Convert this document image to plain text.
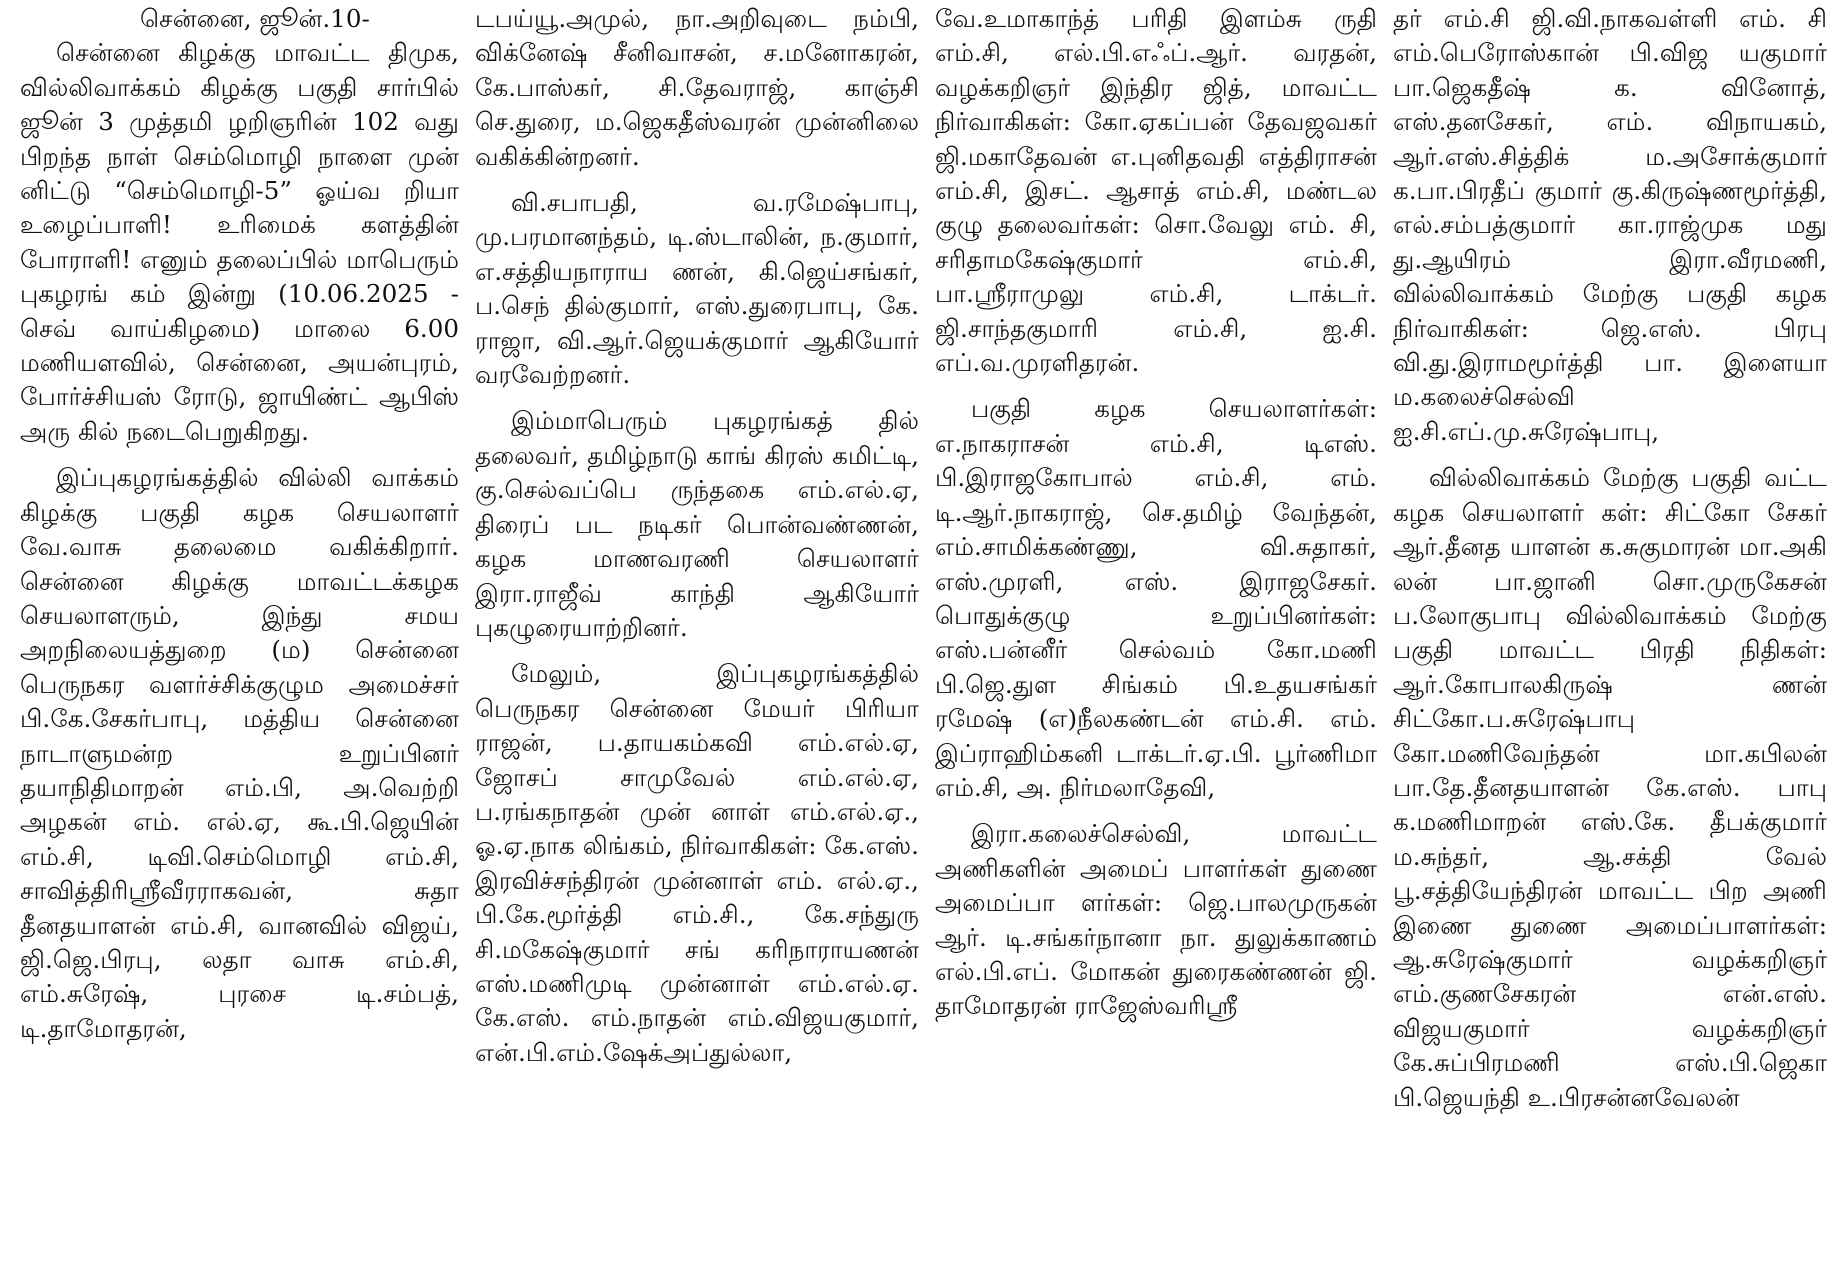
சென்னை, ஜூன்.10-

சென்னை கிழக்கு மாவட்ட திமுக, வில்லிவாக்கம் கிழக்கு பகுதி சார்பில் ஜூன் 3 முத்தமி ழறிஞரின் 102 வது பிறந்த நாள் செம்மொழி நாளை முன் னிட்டு “செம்மொழி-5” ஓய்வ றியா உழைப்பாளி! உரிமைக் களத்தின் போராளி! எனும் தலைப்பில் மாபெரும் புகழரங் கம் இன்று (10.06.2025 - செவ் வாய்கிழமை) மாலை 6.00 மணியளவில், சென்னை, அயன்புரம், போர்ச்சியஸ் ரோடு, ஜாயிண்ட் ஆபிஸ் அரு கில் நடைபெறுகிறது.

இப்புகழரங்கத்தில் வில்லி வாக்கம் கிழக்கு பகுதி கழக செயலாளர் வே.வாசு தலைமை வகிக்கிறார். சென்னை கிழக்கு மாவட்டக்கழக செயலாளரும், இந்து சமய அறநிலையத்துறை (ம) சென்னை பெருநகர வளர்ச்சிக்குழும அமைச்சர் பி.கே.சேகர்பாபு, மத்திய சென்னை நாடாளுமன்ற உறுப்பினர் தயாநிதிமாறன் எம்.பி, அ.வெற்றி அழகன் எம். எல்.ஏ, கூ.பி.ஜெயின் எம்.சி, டிவி.செம்மொழி எம்.சி, சாவித்திரிஸ்ரீவீரராகவன், சுதா தீனதயாளன் எம்.சி, வானவில் விஜய், ஜி.ஜெ.பிரபு, லதா வாசு எம்.சி, எம்.சுரேஷ், புரசை டி.சம்பத், டி.தாமோதரன்,

டபய்யூ.அமுல், நா.அறிவுடை நம்பி, விக்னேஷ் சீனிவாசன், ச.மனோகரன், கே.பாஸ்கர், சி.தேவராஜ், காஞ்சி செ.துரை, ம.ஜெகதீஸ்வரன் முன்னிலை வகிக்கின்றனர்.

வி.சபாபதி, வ.ரமேஷ்பாபு, மு.பரமானந்தம், டி.ஸ்டாலின், ந.குமார், எ.சத்தியநாராய ணன், கி.ஜெய்சங்கர், ப.செந் தில்குமார், எஸ்.துரைபாபு, கே. ராஜா, வி.ஆர்.ஜெயக்குமார் ஆகியோர் வரவேற்றனர்.

இம்மாபெரும் புகழரங்கத் தில் தலைவர், தமிழ்நாடு காங் கிரஸ் கமிட்டி, கு.செல்வப்பெ ருந்தகை எம்.எல்.ஏ, திரைப் பட நடிகர் பொன்வண்ணன், கழக மாணவரணி செயலாளர் இரா.ராஜீவ் காந்தி ஆகியோர் புகழுரையாற்றினர்.

மேலும், இப்புகழரங்கத்தில் பெருநகர சென்னை மேயர் பிரியா ராஜன், ப.தாயகம்கவி எம்.எல்.ஏ, ஜோசப் சாமுவேல் எம்.எல்.ஏ, ப.ரங்கநாதன் முன் னாள் எம்.எல்.ஏ., ஓ.ஏ.நாக லிங்கம், நிர்வாகிகள்: கே.எஸ். இரவிச்சந்திரன் முன்னாள் எம். எல்.ஏ., பி.கே.மூர்த்தி எம்.சி., கே.சந்துரு சி.மகேஷ்குமார் சங் கரிநாராயணன் எஸ்.மணிமுடி முன்னாள் எம்.எல்.ஏ. கே.எஸ். எம்.நாதன் எம்.விஜயகுமார், என்.பி.எம்.ஷேக்அப்துல்லா,

வே.உமாகாந்த் பரிதி இளம்சு ருதி எம்.சி, எல்.பி.எஃப்.ஆர். வரதன், வழக்கறிஞர் இந்திர ஜித், மாவட்ட நிர்வாகிகள்: கோ.ஏகப்பன் தேவஜவகர் ஜி.மகாதேவன் எ.புனிதவதி எத்திராசன் எம்.சி, இசட். ஆசாத் எம்.சி, மண்டல குழு தலைவர்கள்: சொ.வேலு எம். சி, சரிதாமகேஷ்குமார் எம்.சி, பா.ஸ்ரீராமுலு எம்.சி, டாக்டர். ஜி.சாந்தகுமாரி எம்.சி, ஐ.சி. எப்.வ.முரளிதரன்.

பகுதி கழக செயலாளர்கள்: எ.நாகராசன் எம்.சி, டிஎஸ். பி.இராஜகோபால் எம்.சி, எம். டி.ஆர்.நாகராஜ், செ.தமிழ் வேந்தன், எம்.சாமிக்கண்ணு, வி.சுதாகர், எஸ்.முரளி, எஸ். இராஜசேகர். பொதுக்குழு உறுப்பினர்கள்: எஸ்.பன்னீர் செல்வம் கோ.மணி பி.ஜெ.துள சிங்கம் பி.உதயசங்கர் ரமேஷ் (எ)நீலகண்டன் எம்.சி. எம். இப்ராஹிம்கனி டாக்டர்.ஏ.பி. பூர்ணிமா எம்.சி, அ. நிர்மலாதேவி,

இரா.கலைச்செல்வி, மாவட்ட அணிகளின் அமைப் பாளர்கள் துணை அமைப்பா ளர்கள்: ஜெ.பாலமுருகன் ஆர். டி.சங்கர்நானா நா. துலுக்காணம் எல்.பி.எப். மோகன் துரைகண்ணன் ஜி. தாமோதரன் ராஜேஸ்வரிஸ்ரீ

தர் எம்.சி ஜி.வி.நாகவள்ளி எம். சி எம்.பெரோஸ்கான் பி.விஜ யகுமார் பா.ஜெகதீஷ் க. வினோத், எஸ்.தனசேகர், எம். விநாயகம், ஆர்.எஸ்.சித்திக் ம.அசோக்குமார் க.பா.பிரதீப் குமார் கு.கிருஷ்ணமூர்த்தி, எல்.சம்பத்குமார் கா.ராஜ்முக மது து.ஆயிரம் இரா.வீரமணி, வில்லிவாக்கம் மேற்கு பகுதி கழக நிர்வாகிகள்: ஜெ.எஸ். பிரபு வி.து.இராமமூர்த்தி பா. இளையா ம.கலைச்செல்வி ஐ.சி.எப்.மு.சுரேஷ்பாபு,

வில்லிவாக்கம் மேற்கு பகுதி வட்ட கழக செயலாளர் கள்: சிட்கோ சேகர் ஆர்.தீனத யாளன் க.சுகுமாரன் மா.அகி லன் பா.ஜானி சொ.முருகேசன் ப.லோகுபாபு வில்லிவாக்கம் மேற்கு பகுதி மாவட்ட பிரதி நிதிகள்: ஆர்.கோபாலகிருஷ் ணன் சிட்கோ.ப.சுரேஷ்பாபு கோ.மணிவேந்தன் மா.கபிலன் பா.தே.தீனதயாளன் கே.எஸ். பாபு க.மணிமாறன் எஸ்.கே. தீபக்குமார் ம.சுந்தர், ஆ.சக்தி வேல் பூ.சத்தியேந்திரன் மாவட்ட பிற அணி இணை துணை அமைப்பாளர்கள்: ஆ.சுரேஷ்குமார் வழக்கறிஞர் எம்.குணசேகரன் என்.எஸ். விஜயகுமார் வழக்கறிஞர் கே.சுப்பிரமணி எஸ்.பி.ஜெகா பி.ஜெயந்தி உ.பிரசன்னவேலன்
